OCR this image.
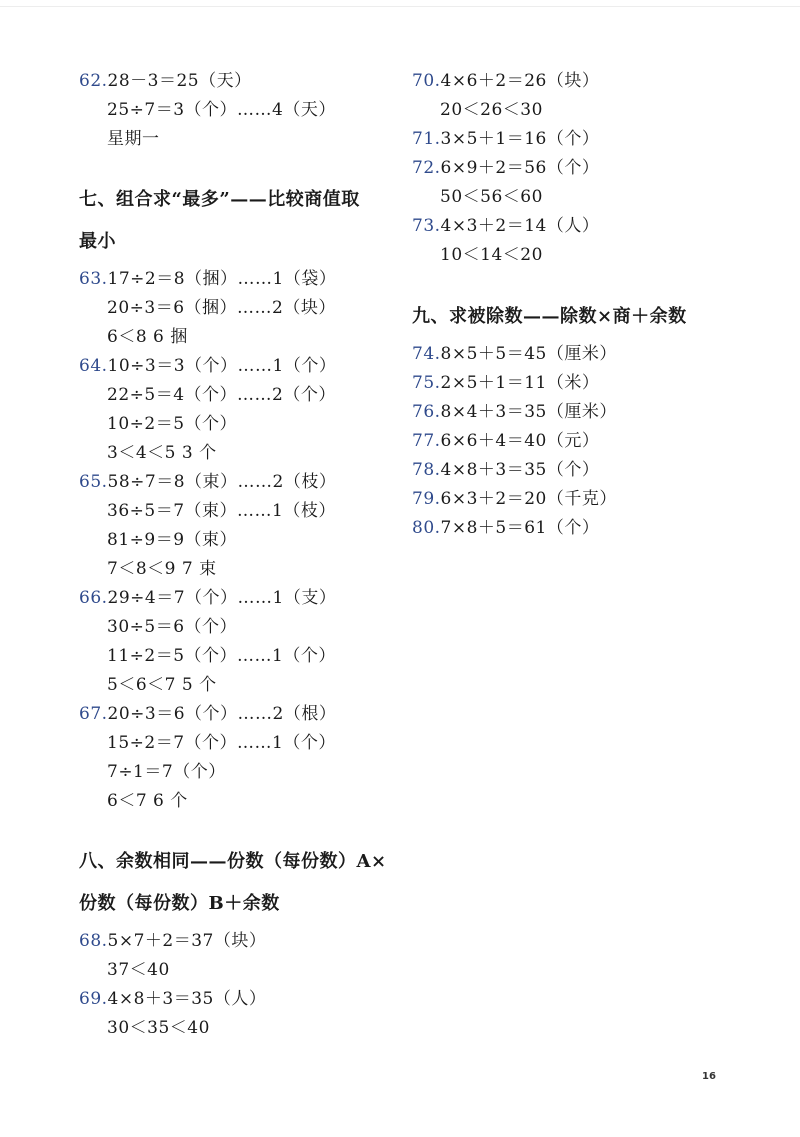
62.28－3＝25（天）
25÷7＝3（个）……4（天）
星期一
七、组合求“最多”——比较商值取
最小
63.17÷2＝8（捆）……1（袋）
20÷3＝6（捆）……2（块）
6＜8 6 捆
64.10÷3＝3（个）……1（个）
22÷5＝4（个）……2（个）
10÷2＝5（个）
3＜4＜5 3 个
65.58÷7＝8（束）……2（枝）
36÷5＝7（束）……1（枝）
81÷9＝9（束）
7＜8＜9 7 束
66.29÷4＝7（个）……1（支）
30÷5＝6（个）
11÷2＝5（个）……1（个）
5＜6＜7 5 个
67.20÷3＝6（个）……2（根）
15÷2＝7（个）……1（个）
7÷1＝7（个）
6＜7 6 个
八、余数相同——份数（每份数）A×
份数（每份数）B＋余数
68.5×7＋2＝37（块）
37＜40
69.4×8＋3＝35（人）
30＜35＜40
70.4×6＋2＝26（块）
20＜26＜30
71.3×5＋1＝16（个）
72.6×9＋2＝56（个）
50＜56＜60
73.4×3＋2＝14（人）
10＜14＜20
九、求被除数——除数×商＋余数
74.8×5＋5＝45（厘米）
75.2×5＋1＝11（米）
76.8×4＋3＝35（厘米）
77.6×6＋4＝40（元）
78.4×8＋3＝35（个）
79.6×3＋2＝20（千克）
80.7×8＋5＝61（个）
16
